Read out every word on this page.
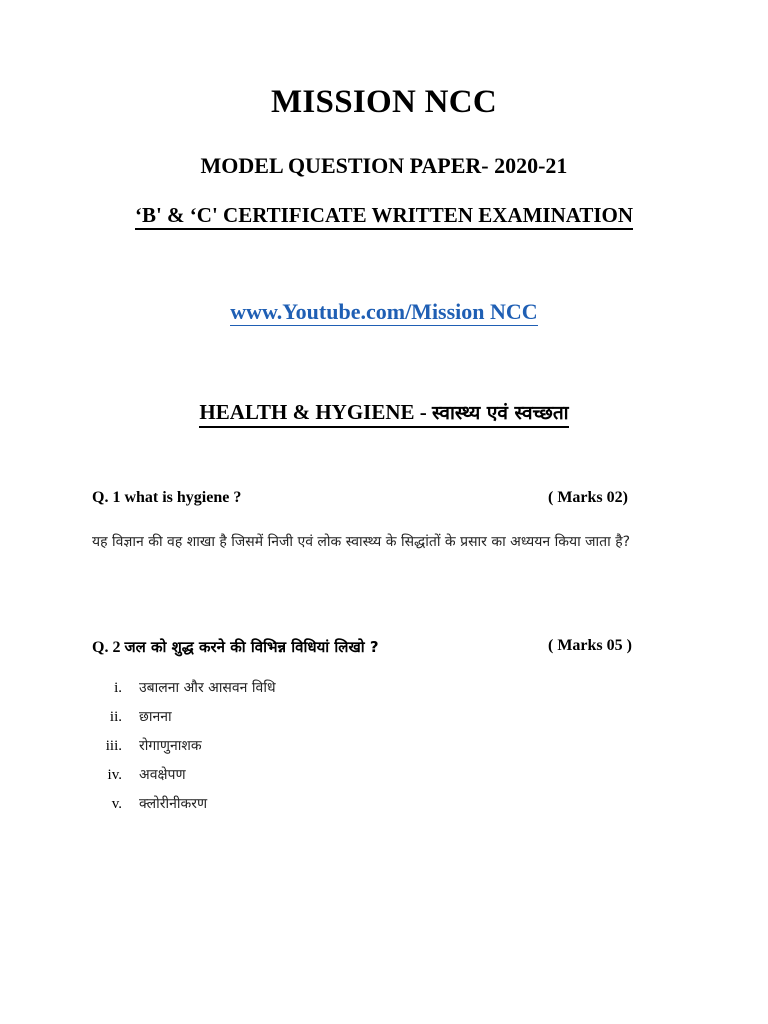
MISSION NCC
MODEL QUESTION PAPER- 2020-21
‘B' & ‘C' CERTIFICATE WRITTEN EXAMINATION
www.Youtube.com/Mission NCC
HEALTH & HYGIENE - स्वास्थ्य एवं स्वच्छता
Q. 1 what is hygiene ?	( Marks 02)
यह विज्ञान की वह शाखा है जिसमें निजी एवं लोक स्वास्थ्य के सिद्धांतों के प्रसार का अध्ययन किया जाता है?
Q. 2 जल को शुद्ध करने की विभिन्न विधियां लिखो ?	( Marks 05 )
i. उबालना और आसवन विधि
ii. छानना
iii. रोगाणुनाशक
iv. अवक्षेपण
v. क्लोरीनीकरण
